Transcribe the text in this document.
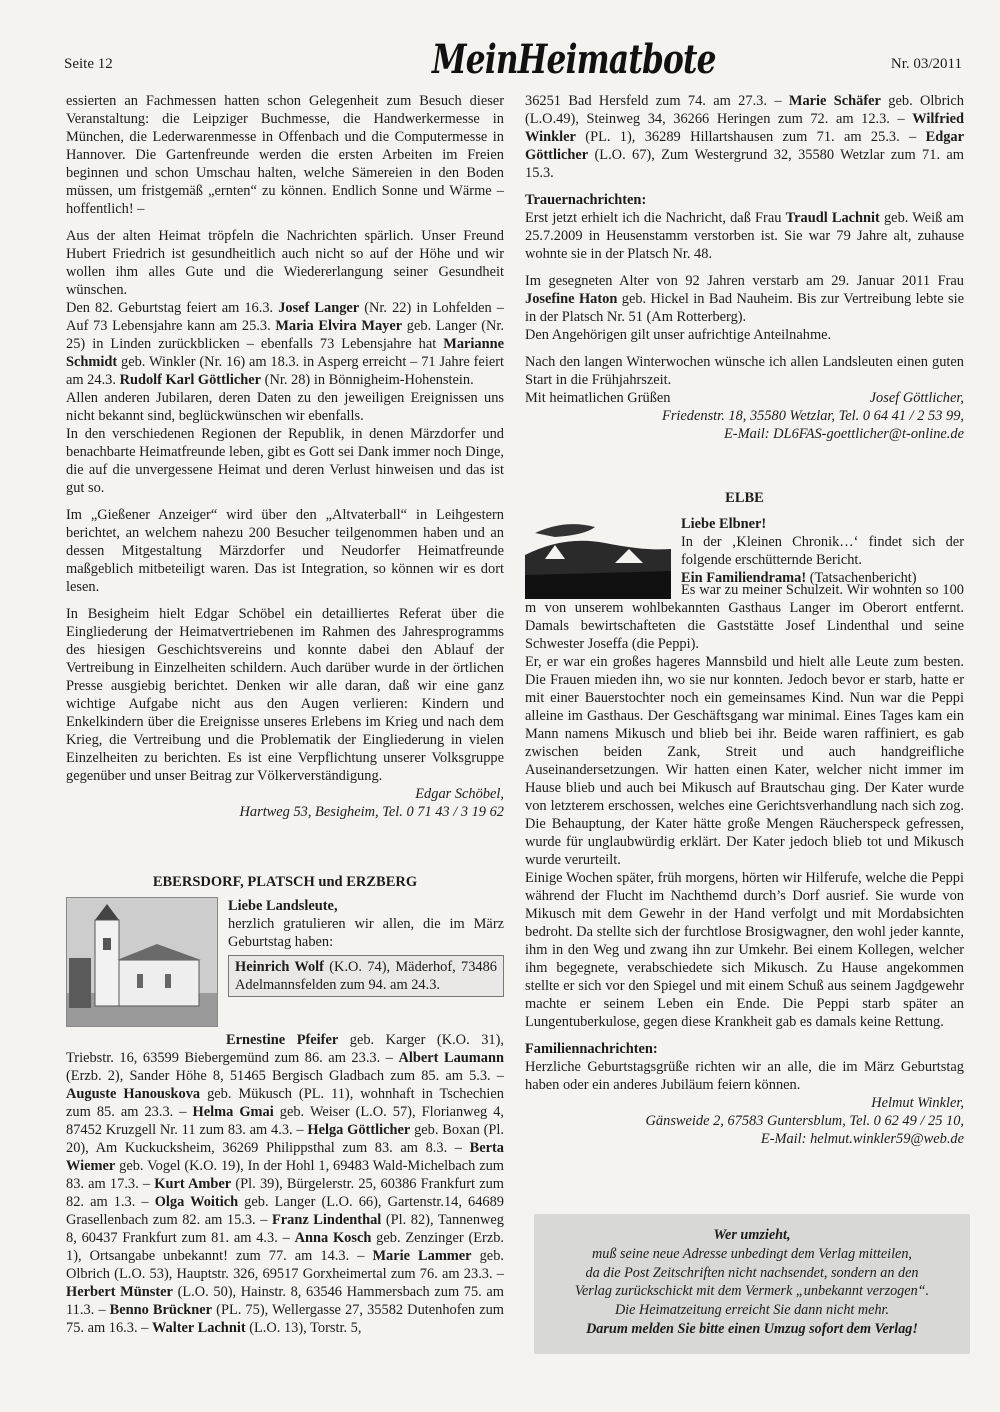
Seite 12	MeinHeimatbote	Nr. 03/2011

essierten an Fachmessen hatten schon Gelegenheit zum Besuch dieser Veranstaltung: die Leipziger Buchmesse, die Handwerkermesse in München, die Lederwarenmesse in Offenbach und die Computermesse in Hannover. Die Gartenfreunde werden die ersten Arbeiten im Freien beginnen und schon Umschau halten, welche Sämereien in den Boden müssen, um fristgemäß „ernten“ zu können. Endlich Sonne und Wärme – hoffentlich! –

Aus der alten Heimat tröpfeln die Nachrichten spärlich. Unser Freund Hubert Friedrich ist gesundheitlich auch nicht so auf der Höhe und wir wollen ihm alles Gute und die Wiedererlangung seiner Gesundheit wünschen.

Den 82. Geburtstag feiert am 16.3. Josef Langer (Nr. 22) in Lohfelden – Auf 73 Lebensjahre kann am 25.3. Maria Elvira Mayer geb. Langer (Nr. 25) in Linden zurückblicken – ebenfalls 73 Lebensjahre hat Marianne Schmidt geb. Winkler (Nr. 16) am 18.3. in Asperg erreicht – 71 Jahre feiert am 24.3. Rudolf Karl Göttlicher (Nr. 28) in Bönnigheim-Hohenstein.

Allen anderen Jubilaren, deren Daten zu den jeweiligen Ereignissen uns nicht bekannt sind, beglückwünschen wir ebenfalls.

In den verschiedenen Regionen der Republik, in denen Märzdorfer und benachbarte Heimatfreunde leben, gibt es Gott sei Dank immer noch Dinge, die auf die unvergessene Heimat und deren Verlust hinweisen und das ist gut so.

Im „Gießener Anzeiger“ wird über den „Altvaterball“ in Leihgestern berichtet, an welchem nahezu 200 Besucher teilgenommen haben und an dessen Mitgestaltung Märzdorfer und Neudorfer Heimatfreunde maßgeblich mitbeteiligt waren. Das ist Integration, so können wir es dort lesen.

In Besigheim hielt Edgar Schöbel ein detailliertes Referat über die Eingliederung der Heimatvertriebenen im Rahmen des Jahresprogramms des hiesigen Geschichtsvereins und konnte dabei den Ablauf der Vertreibung in Einzelheiten schildern. Auch darüber wurde in der örtlichen Presse ausgiebig berichtet. Denken wir alle daran, daß wir eine ganz wichtige Aufgabe nicht aus den Augen verlieren: Kindern und Enkelkindern über die Ereignisse unseres Erlebens im Krieg und nach dem Krieg, die Vertreibung und die Problematik der Eingliederung in vielen Einzelheiten zu berichten. Es ist eine Verpflichtung unserer Volksgruppe gegenüber und unser Beitrag zur Völkerverständigung.

Edgar Schöbel,
Hartweg 53, Besigheim, Tel. 0 71 43 / 3 19 62

EBERSDORF, PLATSCH und ERZBERG

Liebe Landsleute,

herzlich gratulieren wir allen, die im März Geburtstag haben:

Heinrich Wolf (K.O. 74), Mäderhof, 73486 Adelmannsfelden zum 94. am 24.3.

Ernestine Pfeifer geb. Karger (K.O. 31), Triebstr. 16, 63599 Biebergemünd zum 86. am 23.3. – Albert Laumann (Erzb. 2), Sander Höhe 8, 51465 Bergisch Gladbach zum 85. am 5.3. – Auguste Hanouskova geb. Mükusch (PL. 11), wohnhaft in Tschechien zum 85. am 23.3. – Helma Gmai geb. Weiser (L.O. 57), Florianweg 4, 87452 Kruzgell Nr. 11 zum 83. am 4.3. – Helga Göttlicher geb. Boxan (Pl. 20), Am Kuckucksheim, 36269 Philippsthal zum 83. am 8.3. – Berta Wiemer geb. Vogel (K.O. 19), In der Hohl 1, 69483 Wald-Michelbach zum 83. am 17.3. – Kurt Amber (Pl. 39), Bürgelerstr. 25, 60386 Frankfurt zum 82. am 1.3. – Olga Woitich geb. Langer (L.O. 66), Gartenstr.14, 64689 Grasellenbach zum 82. am 15.3. – Franz Lindenthal (Pl. 82), Tannenweg 8, 60437 Frankfurt zum 81. am 4.3. – Anna Kosch geb. Zenzinger (Erzb. 1), Ortsangabe unbekannt! zum 77. am 14.3. – Marie Lammer geb. Olbrich (L.O. 53), Hauptstr. 326, 69517 Gorxheimertal zum 76. am 23.3. – Herbert Münster (L.O. 50), Hainstr. 8, 63546 Hammersbach zum 75. am 11.3. – Benno Brückner (PL. 75), Wellergasse 27, 35582 Dutenhofen zum 75. am 16.3. – Walter Lachnit (L.O. 13), Torstr. 5,

36251 Bad Hersfeld zum 74. am 27.3. – Marie Schäfer geb. Olbrich (L.O.49), Steinweg 34, 36266 Heringen zum 72. am 12.3. – Wilfried Winkler (PL. 1), 36289 Hillartshausen zum 71. am 25.3. – Edgar Göttlicher (L.O. 67), Zum Westergrund 32, 35580 Wetzlar zum 71. am 15.3.

Trauernachrichten:

Erst jetzt erhielt ich die Nachricht, daß Frau Traudl Lachnit geb. Weiß am 25.7.2009 in Heusenstamm verstorben ist. Sie war 79 Jahre alt, zuhause wohnte sie in der Platsch Nr. 48.

Im gesegneten Alter von 92 Jahren verstarb am 29. Januar 2011 Frau Josefine Haton geb. Hickel in Bad Nauheim. Bis zur Vertreibung lebte sie in der Platsch Nr. 51 (Am Rotterberg).

Den Angehörigen gilt unser aufrichtige Anteilnahme.

Nach den langen Winterwochen wünsche ich allen Landsleuten einen guten Start in die Frühjahrszeit.

Mit heimatlichen Grüßen	Josef Göttlicher,
Friedenstr. 18, 35580 Wetzlar, Tel. 0 64 41 / 2 53 99,
E-Mail: DL6FAS-goettlicher@t-online.de

ELBE

Liebe Elbner!

In der ‚Kleinen Chronik…‘ findet sich der folgende erschütternde Bericht.

Ein Familiendrama! (Tatsachenbericht)

Es war zu meiner Schulzeit. Wir wohnten so 100 m von unserem wohlbekannten Gasthaus Langer im Oberort entfernt. Damals bewirtschafteten die Gaststätte Josef Lindenthal und seine Schwester Joseffa (die Peppi).

Er, er war ein großes hageres Mannsbild und hielt alle Leute zum besten. Die Frauen mieden ihn, wo sie nur konnten. Jedoch bevor er starb, hatte er mit einer Bauerstochter noch ein gemeinsames Kind. Nun war die Peppi alleine im Gasthaus. Der Geschäftsgang war minimal. Eines Tages kam ein Mann namens Mikusch und blieb bei ihr. Beide waren raffiniert, es gab zwischen beiden Zank, Streit und auch handgreifliche Auseinandersetzungen. Wir hatten einen Kater, welcher nicht immer im Hause blieb und auch bei Mikusch auf Brautschau ging. Der Kater wurde von letzterem erschossen, welches eine Gerichtsverhandlung nach sich zog. Die Behauptung, der Kater hätte große Mengen Räucherspeck gefressen, wurde für unglaubwürdig erklärt. Der Kater jedoch blieb tot und Mikusch wurde verurteilt.

Einige Wochen später, früh morgens, hörten wir Hilferufe, welche die Peppi während der Flucht im Nachthemd durch’s Dorf ausrief. Sie wurde von Mikusch mit dem Gewehr in der Hand verfolgt und mit Mordabsichten bedroht. Da stellte sich der furchtlose Brosigwagner, den wohl jeder kannte, ihm in den Weg und zwang ihn zur Umkehr. Bei einem Kollegen, welcher ihm begegnete, verabschiedete sich Mikusch. Zu Hause angekommen stellte er sich vor den Spiegel und mit einem Schuß aus seinem Jagdgewehr machte er seinem Leben ein Ende. Die Peppi starb später an Lungentuberkulose, gegen diese Krankheit gab es damals keine Rettung.

Familiennachrichten:

Herzliche Geburtstagsgrüße richten wir an alle, die im März Geburtstag haben oder ein anderes Jubiläum feiern können.

Helmut Winkler,
Gänsweide 2, 67583 Guntersblum, Tel. 0 62 49 / 25 10,
E-Mail: helmut.winkler59@web.de
Wer umzieht,
muß seine neue Adresse unbedingt dem Verlag mitteilen,
da die Post Zeitschriften nicht nachsendet, sondern an den
Verlag zurückschickt mit dem Vermerk „unbekannt verzogen“.
Die Heimatzeitung erreicht Sie dann nicht mehr.
Darum melden Sie bitte einen Umzug sofort dem Verlag!
